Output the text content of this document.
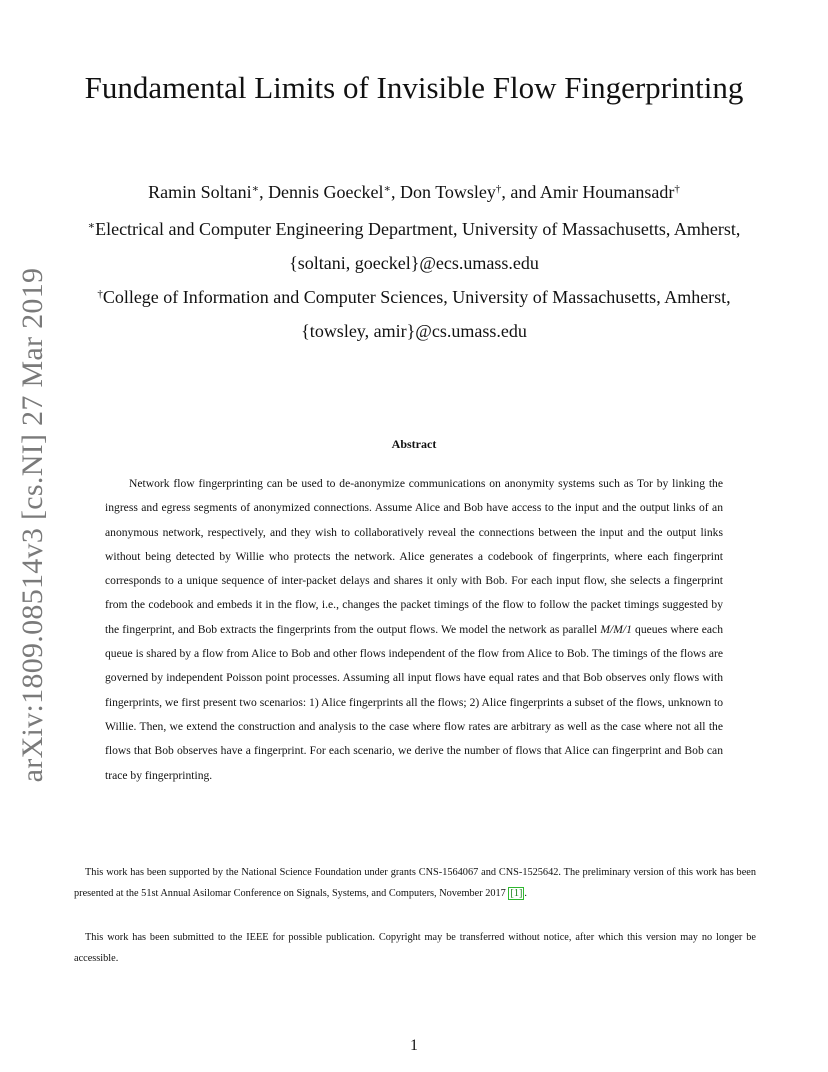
arXiv:1809.08514v3 [cs.NI] 27 Mar 2019
Fundamental Limits of Invisible Flow Fingerprinting
Ramin Soltani∗, Dennis Goeckel∗, Don Towsley†, and Amir Houmansadr†
∗Electrical and Computer Engineering Department, University of Massachusetts, Amherst,
{soltani, goeckel}@ecs.umass.edu
†College of Information and Computer Sciences, University of Massachusetts, Amherst,
{towsley, amir}@cs.umass.edu
Abstract

Network flow fingerprinting can be used to de-anonymize communications on anonymity systems such as Tor by linking the ingress and egress segments of anonymized connections. Assume Alice and Bob have access to the input and the output links of an anonymous network, respectively, and they wish to collaboratively reveal the connections between the input and the output links without being detected by Willie who protects the network. Alice generates a codebook of fingerprints, where each fingerprint corresponds to a unique sequence of inter-packet delays and shares it only with Bob. For each input flow, she selects a fingerprint from the codebook and embeds it in the flow, i.e., changes the packet timings of the flow to follow the packet timings suggested by the fingerprint, and Bob extracts the fingerprints from the output flows. We model the network as parallel M/M/1 queues where each queue is shared by a flow from Alice to Bob and other flows independent of the flow from Alice to Bob. The timings of the flows are governed by independent Poisson point processes. Assuming all input flows have equal rates and that Bob observes only flows with fingerprints, we first present two scenarios: 1) Alice fingerprints all the flows; 2) Alice fingerprints a subset of the flows, unknown to Willie. Then, we extend the construction and analysis to the case where flow rates are arbitrary as well as the case where not all the flows that Bob observes have a fingerprint. For each scenario, we derive the number of flows that Alice can fingerprint and Bob can trace by fingerprinting.

This work has been supported by the National Science Foundation under grants CNS-1564067 and CNS-1525642. The preliminary version of this work has been presented at the 51st Annual Asilomar Conference on Signals, Systems, and Computers, November 2017 [1] .

This work has been submitted to the IEEE for possible publication. Copyright may be transferred without notice, after which this version may no longer be accessible.

1
